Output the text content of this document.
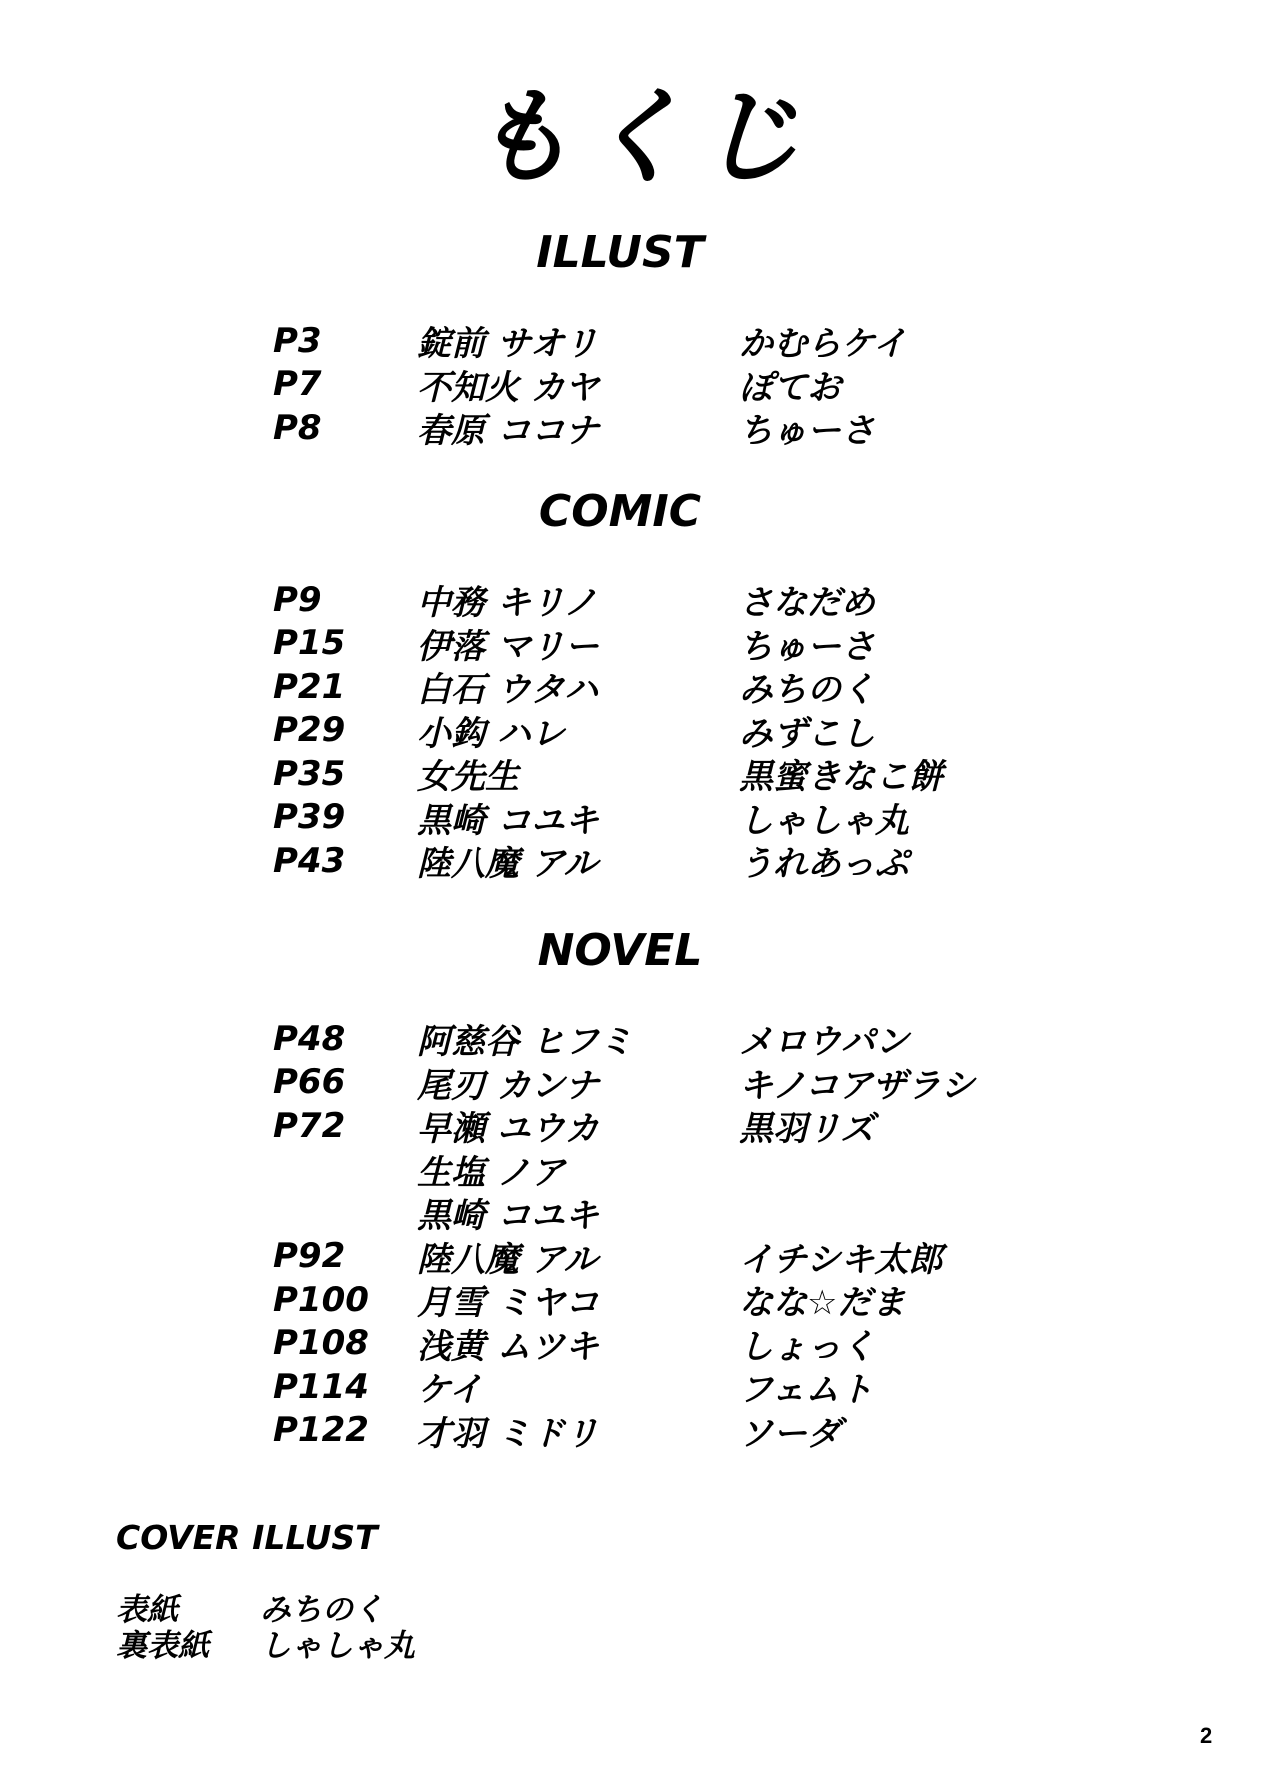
もくじ
ILLUST
P3	錠前 サオリ	かむらケイ
P7	不知火 カヤ	ぽてお
P8	春原 ココナ	ちゅーさ
COMIC
P9	中務 キリノ	さなだめ
P15	伊落 マリー	ちゅーさ
P21	白石 ウタハ	みちのく
P29	小鈎 ハレ	みずこし
P35	女先生	黒蜜きなこ餅
P39	黒崎 コユキ	しゃしゃ丸
P43	陸八魔 アル	うれあっぷ
NOVEL
P48	阿慈谷 ヒフミ	メロウパン
P66	尾刃 カンナ	キノコアザラシ
P72	早瀬 ユウカ	黒羽リズ
生塩 ノア
黒崎 コユキ
P92	陸八魔 アル	イチシキ太郎
P100	月雪 ミヤコ	なな☆だま
P108	浅黄 ムツキ	しょっく
P114	ケイ	フェムト
P122	才羽 ミドリ	ソーダ
COVER ILLUST
表紙	みちのく
裏表紙	しゃしゃ丸
2
